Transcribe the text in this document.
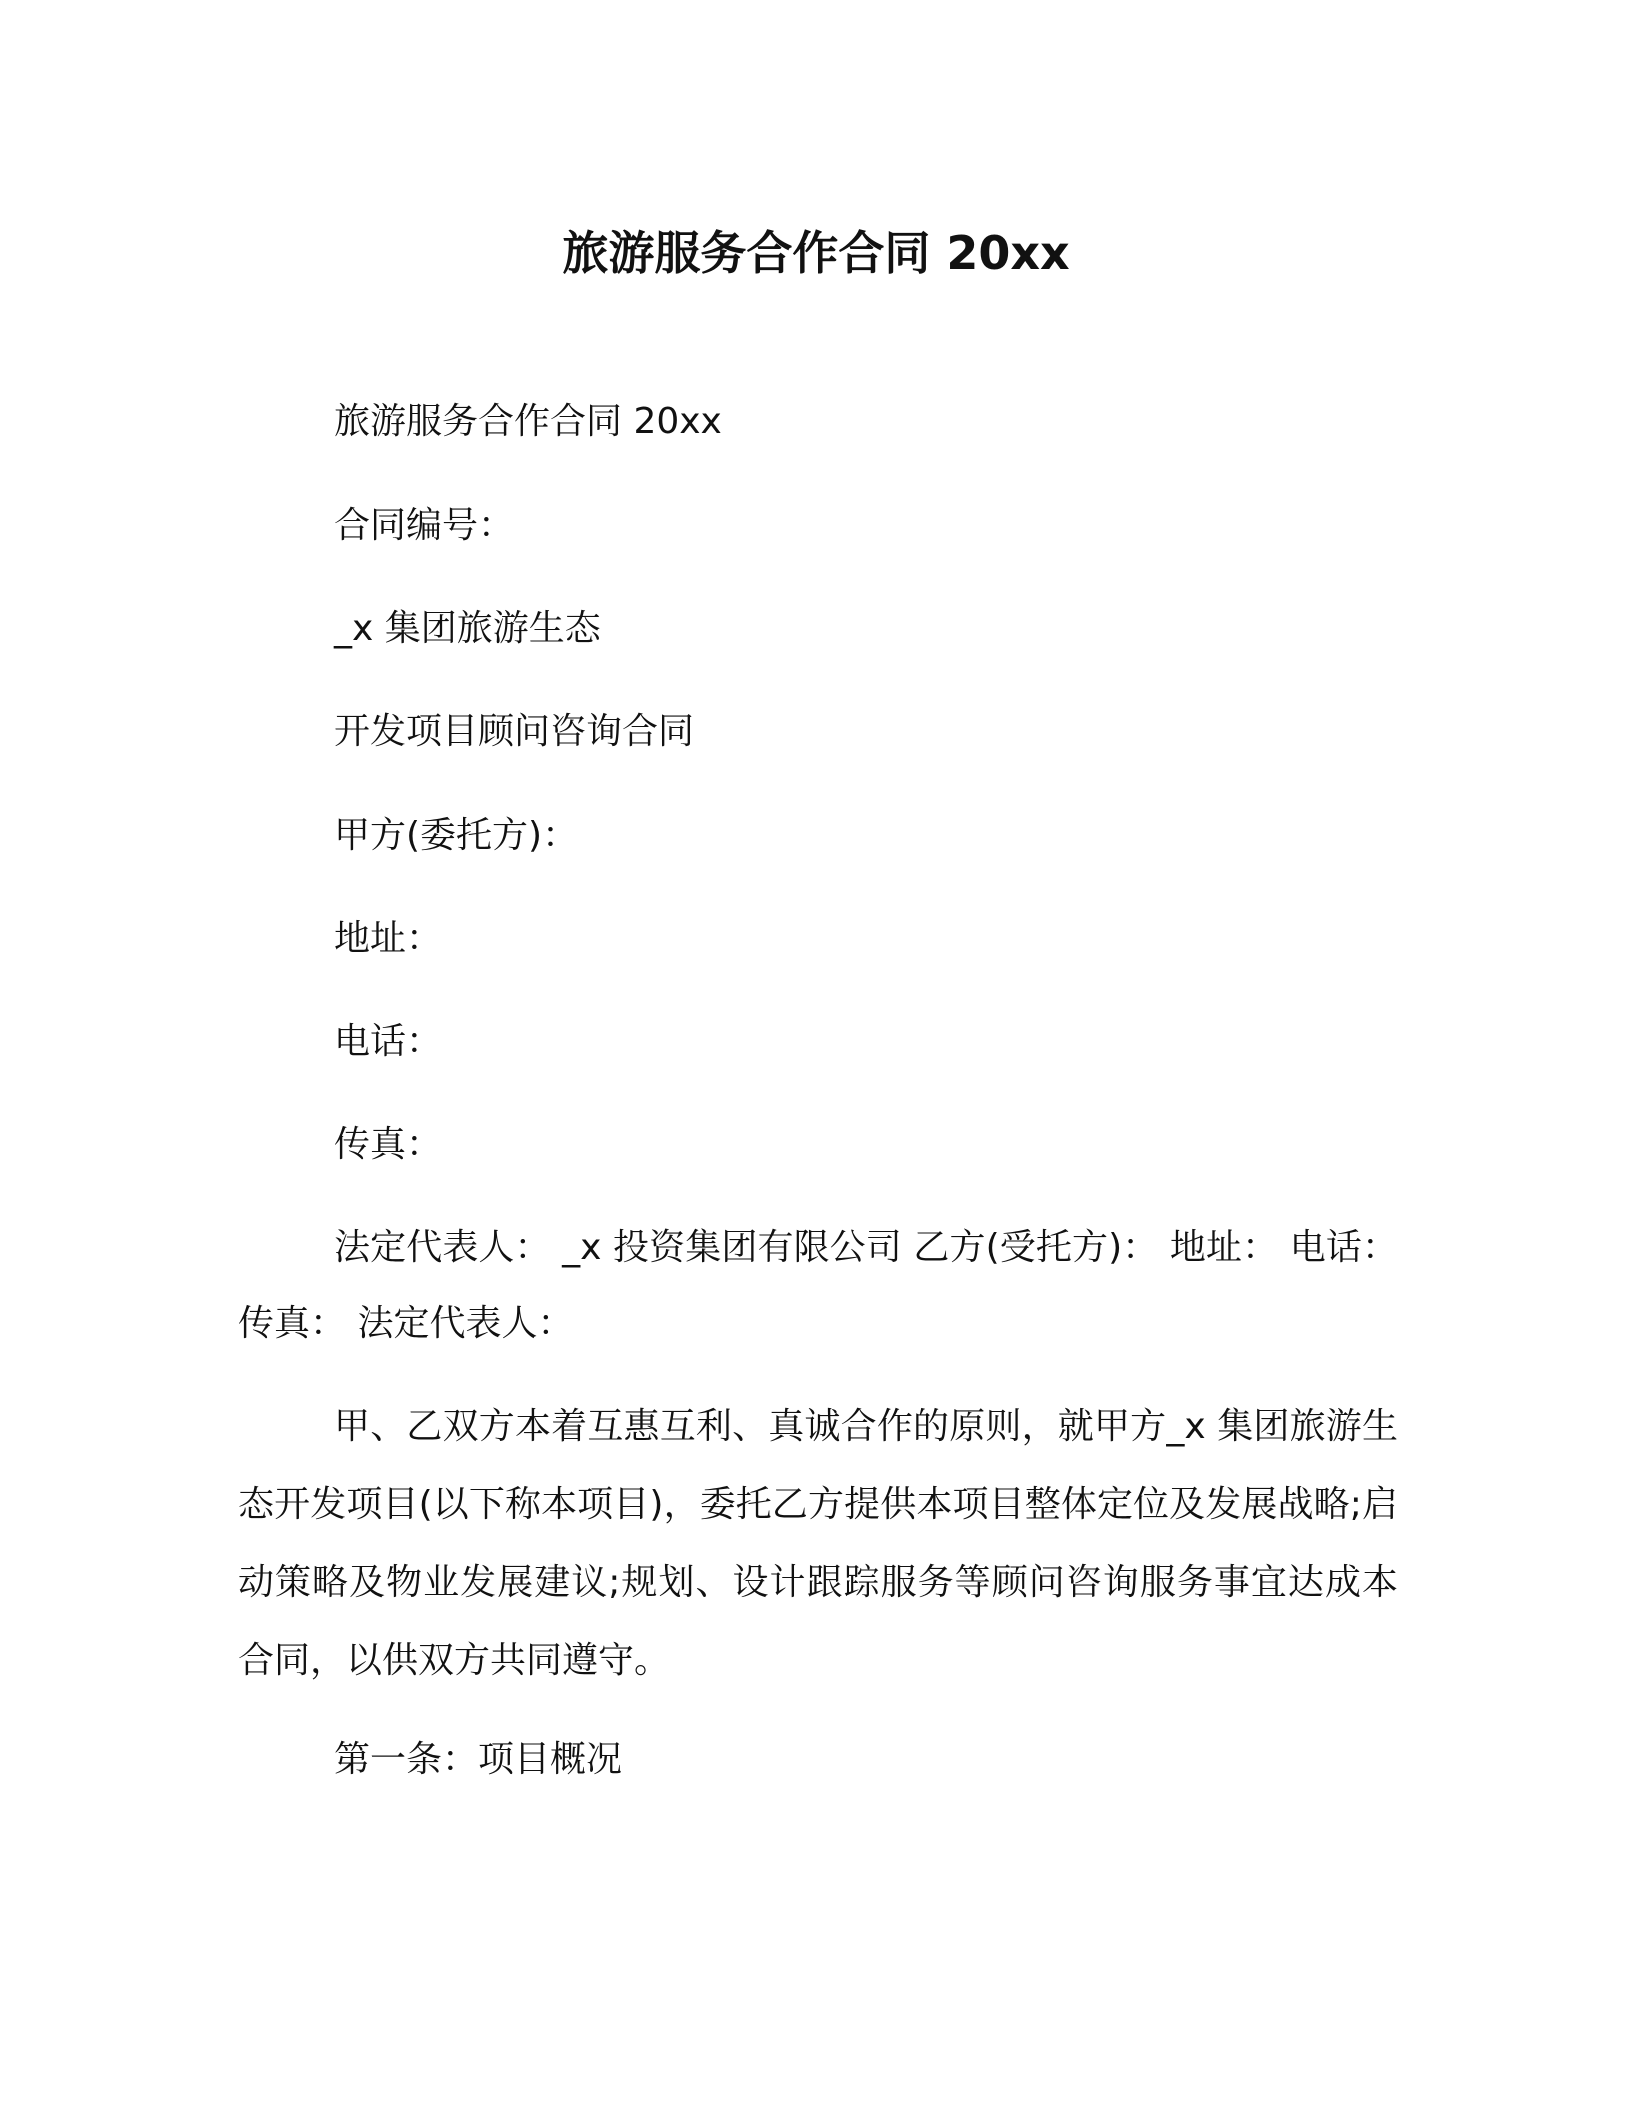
旅游服务合作合同 20xx
旅游服务合作合同 20xx
合同编号：
_x 集团旅游生态
开发项目顾问咨询合同
甲方(委托方)：
地址：
电话：
传真：
法定代表人： _x 投资集团有限公司 乙方(受托方)： 地址： 电话： 传真： 法定代表人：
甲、乙双方本着互惠互利、真诚合作的原则，就甲方_x 集团旅游生态开发项目(以下称本项目)，委托乙方提供本项目整体定位及发展战略;启动策略及物业发展建议;规划、设计跟踪服务等顾问咨询服务事宜达成本合同，以供双方共同遵守。
第一条：项目概况
